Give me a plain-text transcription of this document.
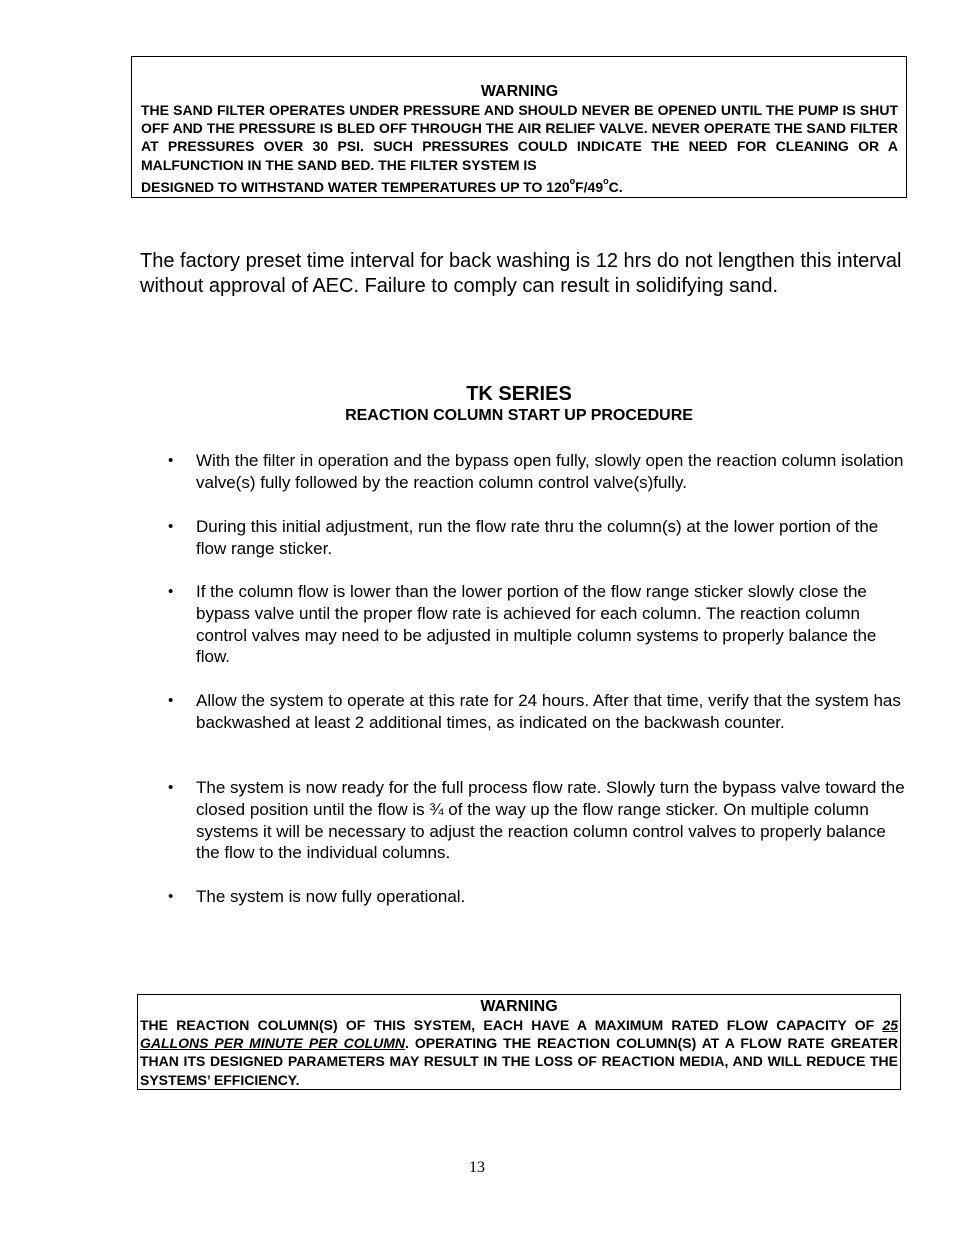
WARNING

THE SAND FILTER OPERATES UNDER PRESSURE AND SHOULD NEVER BE OPENED UNTIL THE PUMP IS SHUT OFF AND THE PRESSURE IS BLED OFF THROUGH THE AIR RELIEF VALVE. NEVER OPERATE THE SAND FILTER AT PRESSURES OVER 30 PSI. SUCH PRESSURES COULD INDICATE THE NEED FOR CLEANING OR A MALFUNCTION IN THE SAND BED. THE FILTER SYSTEM IS
DESIGNED TO WITHSTAND WATER TEMPERATURES UP TO 120$^o$F/49$^o$C.

The factory preset time interval for back washing is 12 hrs do not lengthen this interval without approval of AEC. Failure to comply can result in solidifying sand.

TK SERIES
REACTION COLUMN START UP PROCEDURE
•	With the filter in operation and the bypass open fully, slowly open the reaction column isolation valve(s) fully followed by the reaction column control valve(s)fully.
•	During this initial adjustment, run the flow rate thru the column(s) at the lower portion of the flow range sticker.
•	If the column flow is lower than the lower portion of the flow range sticker slowly close the bypass valve until the proper flow rate is achieved for each column. The reaction column control valves may need to be adjusted in multiple column systems to properly balance the flow.
•	Allow the system to operate at this rate for 24 hours. After that time, verify that the system has backwashed at least 2 additional times, as indicated on the backwash counter.
•	The system is now ready for the full process flow rate. Slowly turn the bypass valve toward the closed position until the flow is ¾ of the way up the flow range sticker. On multiple column systems it will be necessary to adjust the reaction column control valves to properly balance the flow to the individual columns.
•	The system is now fully operational.
WARNING

THE REACTION COLUMN(S) OF THIS SYSTEM, EACH HAVE A MAXIMUM RATED FLOW CAPACITY OF 25 GALLONS PER MINUTE PER COLUMN. OPERATING THE REACTION COLUMN(S) AT A FLOW RATE GREATER THAN ITS DESIGNED PARAMETERS MAY RESULT IN THE LOSS OF REACTION MEDIA, AND WILL REDUCE THE SYSTEMS’ EFFICIENCY.

13
